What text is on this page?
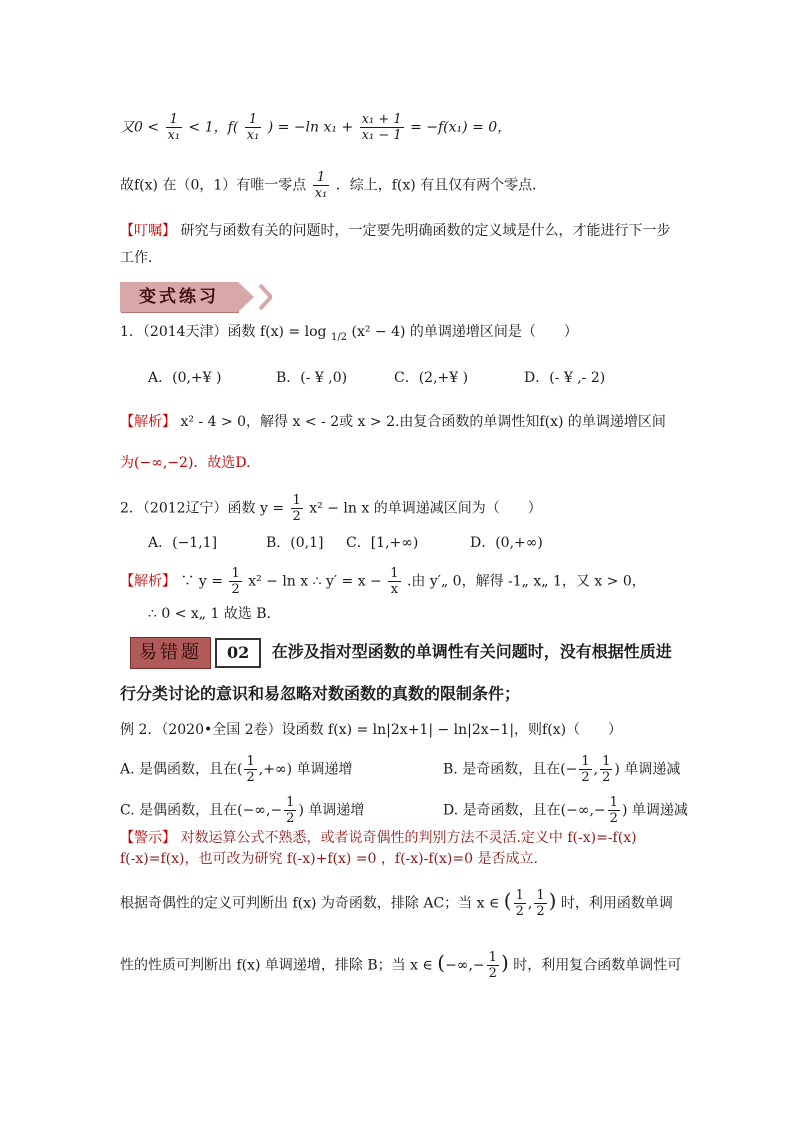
又$0 < \frac{1}{\text{x₁}} < 1$，$f( \frac{1}{\text{x₁}}$ ) = −ln $x_1 + \frac{\text{x₁ + 1}}{\text{x₁ − 1}} = -f(x_1) = 0$，
故f(x) 在（0，1）有唯一零点 $\frac{1}{\text{x₁}}$ ．综上，f(x) 有且仅有两个零点．
【叮嘱】 研究与函数有关的问题时，一定要先明确函数的定义域是什么，才能进行下一步
工作．
变式练习
1．（2014天津）函数 f(x) = log $_{1/2}$ (x² − 4) 的单调递增区间是（　　）
A．(0,+¥ )	B．(- ¥ ,0)	C．(2,+¥ )	D．(- ¥ ,- 2)
【解析】 x² - 4 > 0，解得 x < - 2或 x > 2.由复合函数的单调性知f(x) 的单调递增区间
为(−∞,−2)．故选D.
2．（2012辽宁）函数 $y = \frac{1}{2} x^2 - \ln x$ 的单调递减区间为（　　）
A．(−1,1]	B．(0,1] C．[1,+∞)	D．(0,+∞)
【解析】 ∵ $y = \frac{1}{2} x^2 - \ln x$ ∴ $y' = x - \frac{1}{x}$ .由 y′„ 0，解得 -1„ x„ 1，又 x > 0，
∴ 0 < x„ 1 故选 B．
易错题 02 在涉及指对型函数的单调性有关问题时，没有根据性质进
行分类讨论的意识和易忽略对数函数的真数的限制条件；
例 2．（2020•全国 2卷）设函数 f(x) = ln|2x+1| − ln|2x−1|，则f(x)（　　）
A. 是偶函数，且在( $\frac{1}{2}$ ,+∞) 单调递增	B. 是奇函数，且在(− $\frac{1}{2}$ , $\frac{1}{2}$ ) 单调递减
C. 是偶函数，且在(−∞,− $\frac{1}{2}$ ) 单调递增	D. 是奇函数，且在(−∞,− $\frac{1}{2}$ ) 单调递减
【警示】 对数运算公式不熟悉，或者说奇偶性的判别方法不灵活.定义中 f(-x)=-f(x)
f(-x)=f(x)，也可改为研究 f(-x)+f(x) =0 ，f(-x)-f(x)=0 是否成立.
根据奇偶性的定义可判断出 f(x) 为奇函数，排除 AC；当 x ∈ ( $\frac{1}{2}$ , $\frac{1}{2}$ ) 时，利用函数单调
性的性质可判断出 f(x) 单调递增，排除 B；当 x ∈ (−∞,− $\frac{1}{2}$ ) 时，利用复合函数单调性可
